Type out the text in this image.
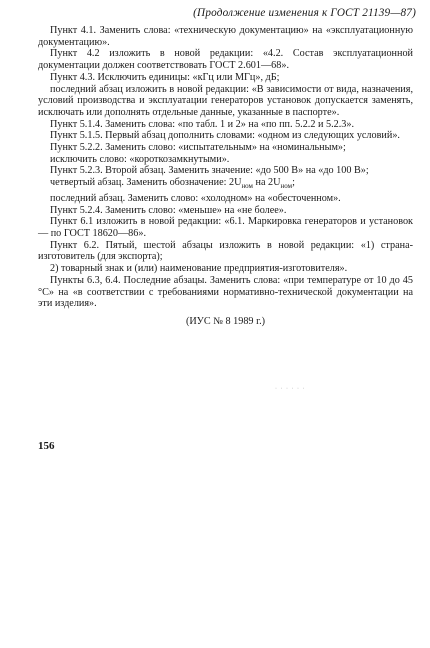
(Продолжение изменения к ГОСТ 21139—87)

Пункт 4.1. Заменить слова: «техническую документацию» на «эксплуатационную документацию».

Пункт 4.2 изложить в новой редакции: «4.2. Состав эксплуатационной документации должен соответствовать ГОСТ 2.601—68».

Пункт 4.3. Исключить единицы: «кГц или МГц», дБ;

последний абзац изложить в новой редакции: «В зависимости от вида, назначения, условий производства и эксплуатации генераторов установок допускается заменять, исключать или дополнять отдельные данные, указанные в паспорте».

Пункт 5.1.4. Заменить слова: «по табл. 1 и 2» на «по пп. 5.2.2 и 5.2.3».

Пункт 5.1.5. Первый абзац дополнить словами: «одном из следующих условий».

Пункт 5.2.2. Заменить слово: «испытательным» на «номинальным»;

исключить слово: «короткозамкнутыми».

Пункт 5.2.3. Второй абзац. Заменить значение: «до 500 В» на «до 100 В»;

четвертый абзац. Заменить обозначение: $2U_{ном}$ на $2U_{ном}$;

последний абзац. Заменить слово: «холодном» на «обесточенном».

Пункт 5.2.4. Заменить слово: «меньше» на «не более».

Пункт 6.1 изложить в новой редакции: «6.1. Маркировка генераторов и установок — по ГОСТ 18620—86».

Пункт 6.2. Пятый, шестой абзацы изложить в новой редакции: «1) страна-изготовитель (для экспорта);

2) товарный знак и (или) наименование предприятия-изготовителя».

Пункты 6.3, 6.4. Последние абзацы. Заменить слова: «при температуре от 10 до 45 °С» на «в соответствии с требованиями нормативно-технической документации на эти изделия».

(ИУС № 8 1989 г.)

· · · · · ·
156
